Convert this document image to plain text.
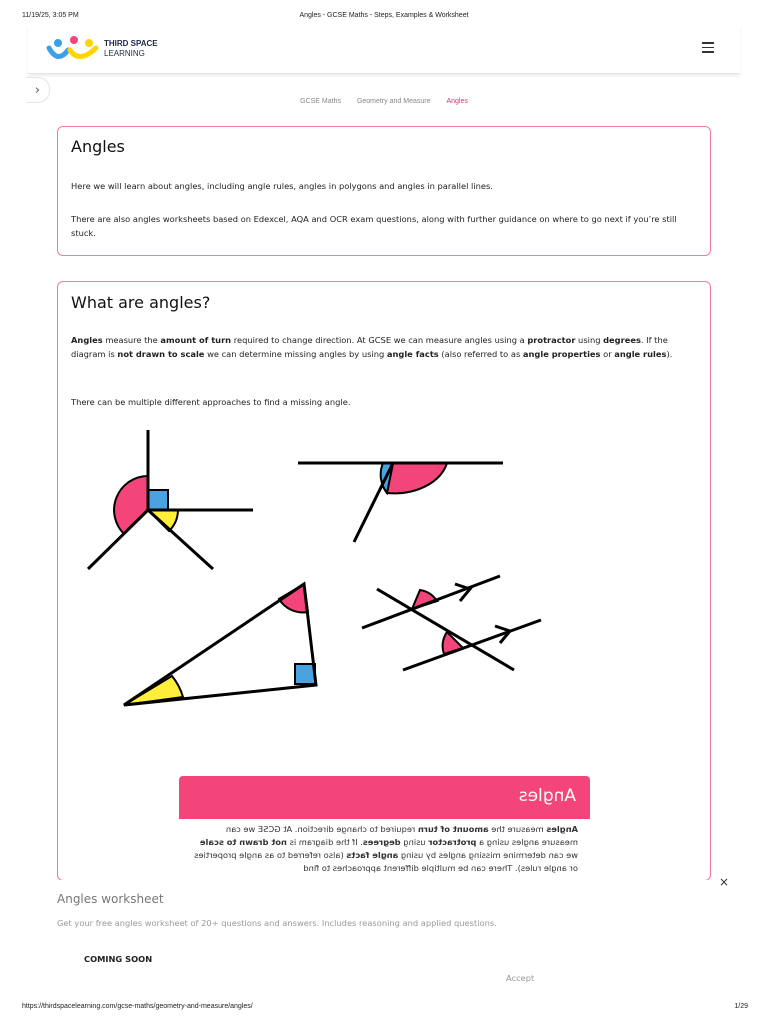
11/19/25, 3:05 PM	Angles - GCSE Maths - Steps, Examples & Worksheet
THIRD SPACE
LEARNING
›
GCSE Maths Geometry and Measure Angles
Angles

Here we will learn about angles, including angle rules, angles in polygons and angles in parallel lines.

There are also angles worksheets based on Edexcel, AQA and OCR exam questions, along with further guidance on where to go next if you’re still stuck.

What are angles?

Angles measure the amount of turn required to change direction. At GCSE we can measure angles using a protractor using degrees. If the diagram is not drawn to scale we can determine missing angles by using angle facts (also referred to as angle properties or angle rules).

There can be multiple different approaches to find a missing angle.

Angles
Angles measure the amount of turn required to change direction. At GCSE we can measure angles using a protractor using degrees. If the diagram is not drawn to scale we can determine missing angles by using angle facts (also referred to as angle properties or angle rules). There can be multiple different approaches to find
×
Angles worksheet
Get your free angles worksheet of 20+ questions and answers. Includes reasoning and applied questions.
COMING SOON
Accept
https://thirdspacelearning.com/gcse-maths/geometry-and-measure/angles/	1/29
